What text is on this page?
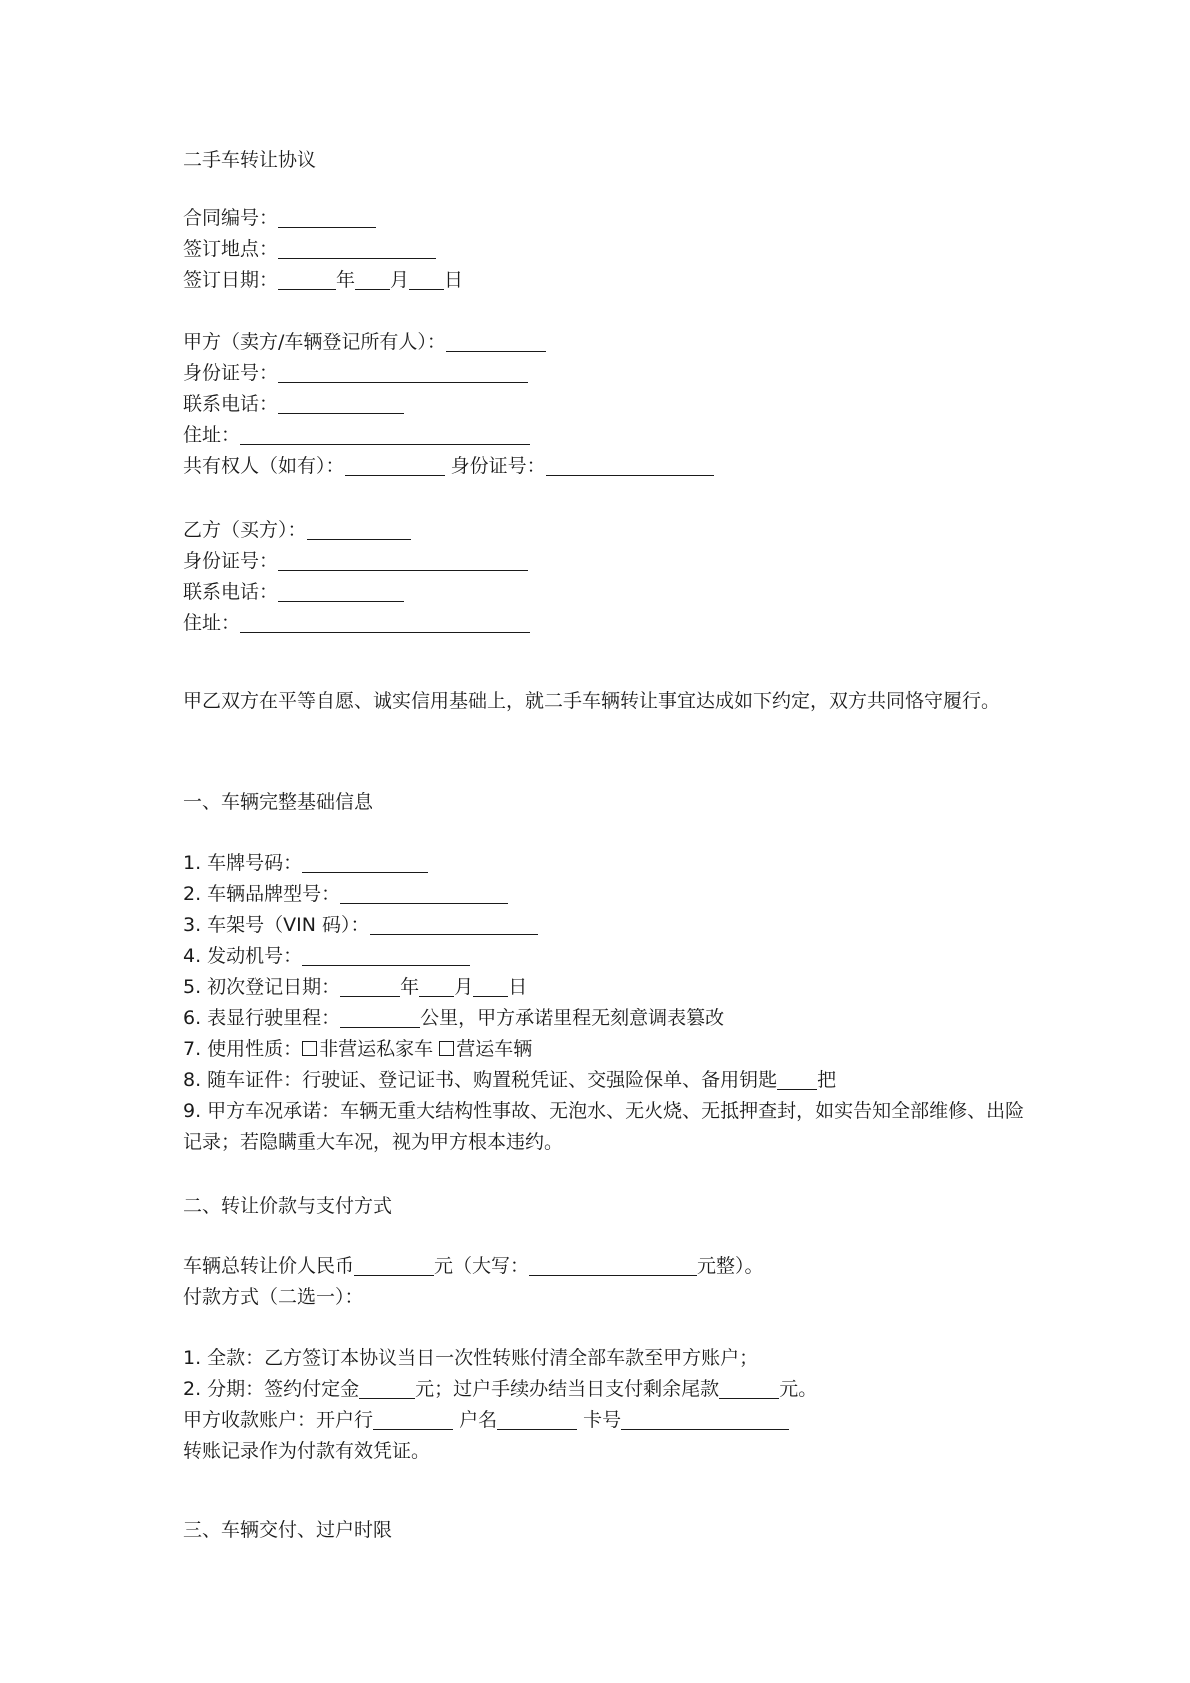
二手车转让协议
合同编号：
签订地点：
签订日期：	年 月 日
甲方（卖方/车辆登记所有人）：
身份证号：
联系电话：
住址：
共有权人（如有）：	身份证号：
乙方（买方）：
身份证号：
联系电话：
住址：
甲乙双方在平等自愿、诚实信用基础上，就二手车辆转让事宜达成如下约定，双方共同恪守履行。
一、车辆完整基础信息
1. 车牌号码：
2. 车辆品牌型号：
3. 车架号（VIN 码）：
4. 发动机号：
5. 初次登记日期：	年 月 日
6. 表显行驶里程：	公里，甲方承诺里程无刻意调表篡改
7. 使用性质： 非营运私家车 营运车辆
8. 随车证件：行驶证、登记证书、购置税凭证、交强险保单、备用钥匙 把
9. 甲方车况承诺：车辆无重大结构性事故、无泡水、无火烧、无抵押查封，如实告知全部维修、出险记录；若隐瞒重大车况，视为甲方根本违约。
二、转让价款与支付方式
车辆总转让价人民币	元（大写：	元整）。
付款方式（二选一）：
1. 全款：乙方签订本协议当日一次性转账付清全部车款至甲方账户；
2. 分期：签约付定金	元；过户手续办结当日支付剩余尾款	元。
甲方收款账户：开户行	户名	卡号
转账记录作为付款有效凭证。
三、车辆交付、过户时限
